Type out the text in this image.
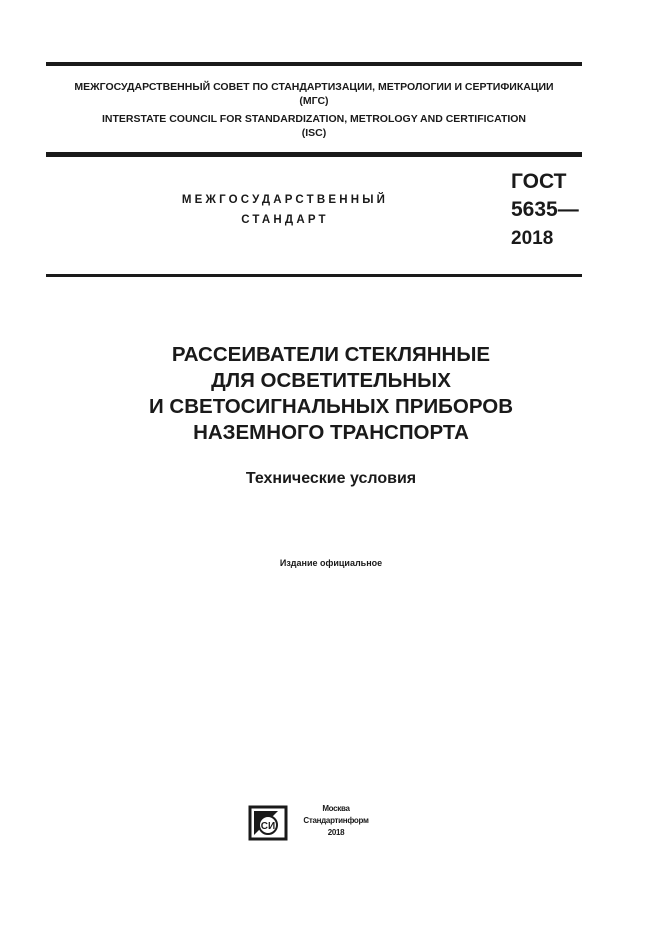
МЕЖГОСУДАРСТВЕННЫЙ СОВЕТ ПО СТАНДАРТИЗАЦИИ, МЕТРОЛОГИИ И СЕРТИФИКАЦИИ
(МГС)
INTERSTATE COUNCIL FOR STANDARDIZATION, METROLOGY AND CERTIFICATION
(ISC)
МЕЖГОСУДАРСТВЕННЫЙ
СТАНДАРТ
ГОСТ
5635—
2018
РАССЕИВАТЕЛИ СТЕКЛЯННЫЕ
ДЛЯ ОСВЕТИТЕЛЬНЫХ
И СВЕТОСИГНАЛЬНЫХ ПРИБОРОВ
НАЗЕМНОГО ТРАНСПОРТА
Технические условия
Издание официальное
СИ
Москва
Стандартинформ
2018
